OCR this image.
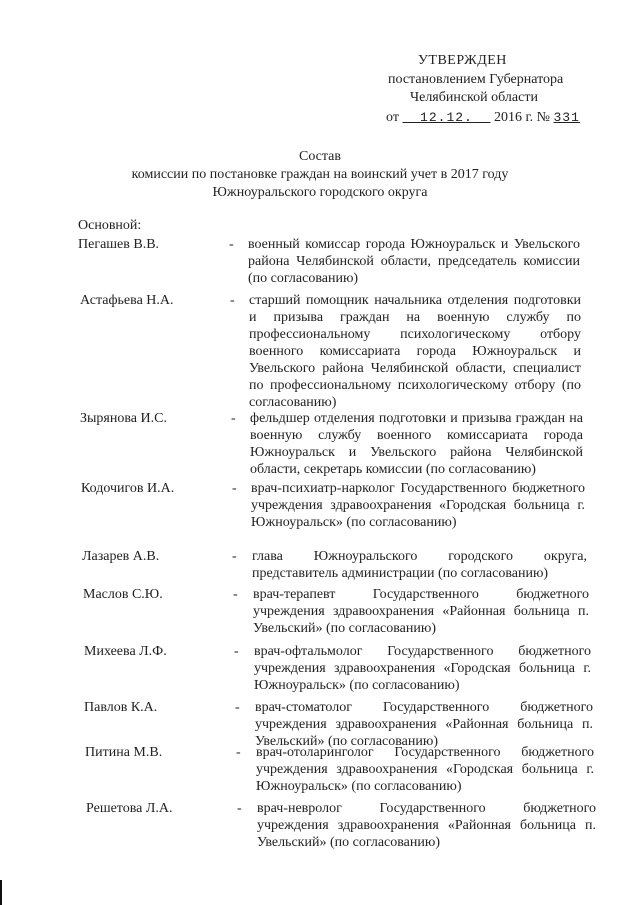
УТВЕРЖДЕН
постановлением Губернатора
Челябинской области
от 12.12. 2016 г. № 331
Состав
комиссии по постановке граждан на воинский учет в 2017 году
Южноуральского городского округа
Основной:
Пегашев В.В.	- военный комиссар города Южноуральск и Увельского района Челябинской области, председатель комиссии (по согласованию)
Астафьева Н.А.	- старший помощник начальника отделения подготовки и призыва граждан на военную службу по профессиональному психологическому отбору военного комиссариата города Южноуральск и Увельского района Челябинской области, специалист по профессиональному психологическому отбору (по согласованию)
Зырянова И.С.	- фельдшер отделения подготовки и призыва граждан на военную службу военного комиссариата города Южноуральск и Увельского района Челябинской области, секретарь комиссии (по согласованию)
Кодочигов И.А.	- врач-психиатр-нарколог Государственного бюджетного учреждения здравоохранения «Городская больница г. Южноуральск» (по согласованию)
Лазарев А.В.	- глава Южноуральского городского округа, представитель администрации (по согласованию)
Маслов С.Ю.	- врач-терапевт Государственного бюджетного учреждения здравоохранения «Районная больница п. Увельский» (по согласованию)
Михеева Л.Ф.	- врач-офтальмолог Государственного бюджетного учреждения здравоохранения «Городская больница г. Южноуральск» (по согласованию)
Павлов К.А.	- врач-стоматолог Государственного бюджетного учреждения здравоохранения «Районная больница п. Увельский» (по согласованию)
Питина М.В.	- врач-отоларинголог Государственного бюджетного учреждения здравоохранения «Городская больница г. Южноуральск» (по согласованию)
Решетова Л.А.	- врач-невролог Государственного бюджетного учреждения здравоохранения «Районная больница п. Увельский» (по согласованию)
